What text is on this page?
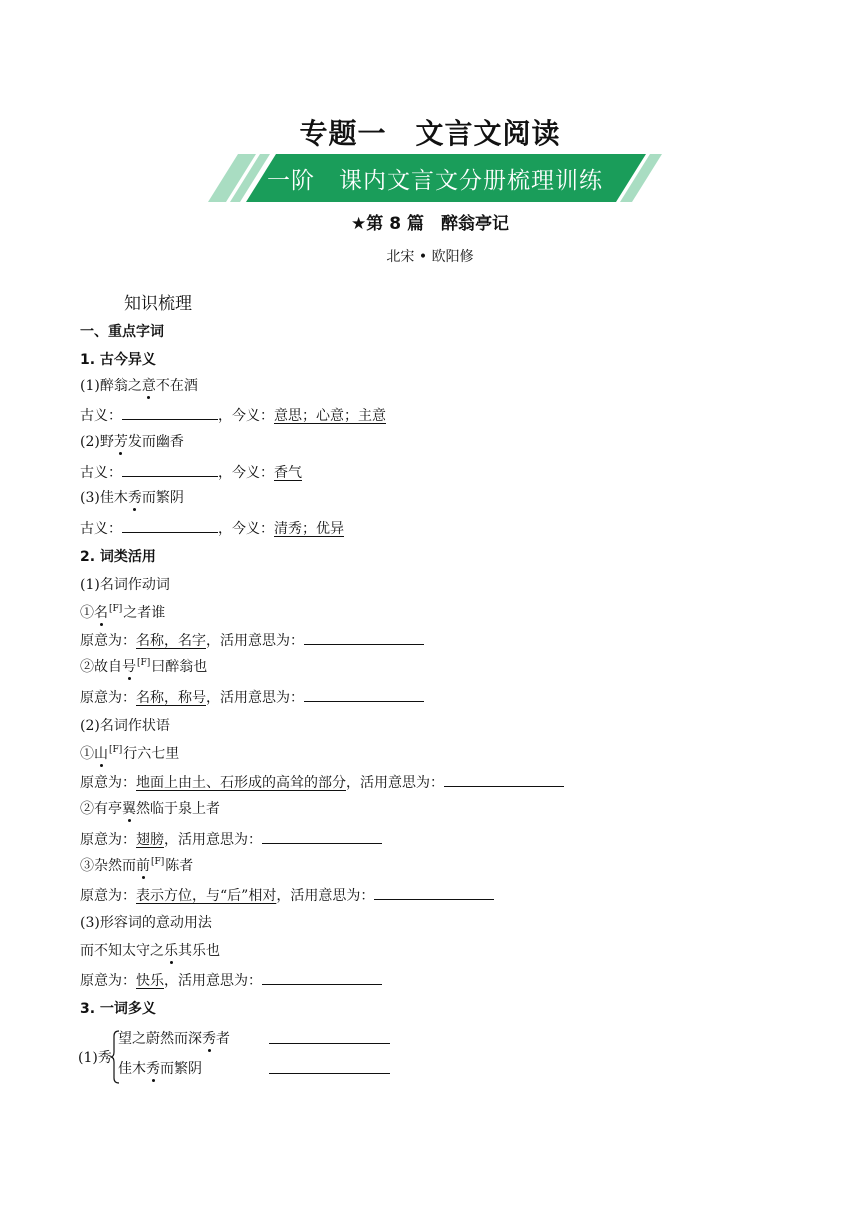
专题一　文言文阅读
一阶　课内文言文分册梳理训练
★第 8 篇　醉翁亭记
北宋 • 欧阳修
知识梳理
一、重点字词
1. 古今异义
(1)醉翁之意不在酒
古义：	，今义：意思；心意；主意
(2)野芳发而幽香
古义：	，今义：香气
(3)佳木秀而繁阴
古义：	，今义：清秀；优异
2. 词类活用
(1)名词作动词
①名[F]之者谁
原意为：名称，名字，活用意思为：
②故自号[F]曰醉翁也
原意为：名称，称号，活用意思为：
(2)名词作状语
①山[F]行六七里
原意为：地面上由土、石形成的高耸的部分，活用意思为：
②有亭翼然临于泉上者
原意为：翅膀，活用意思为：
③杂然而前[F]陈者
原意为：表示方位，与“后”相对，活用意思为：
(3)形容词的意动用法
而不知太守之乐其乐也
原意为：快乐，活用意思为：
3. 一词多义
(1)秀
望之蔚然而深秀者
佳木秀而繁阴
